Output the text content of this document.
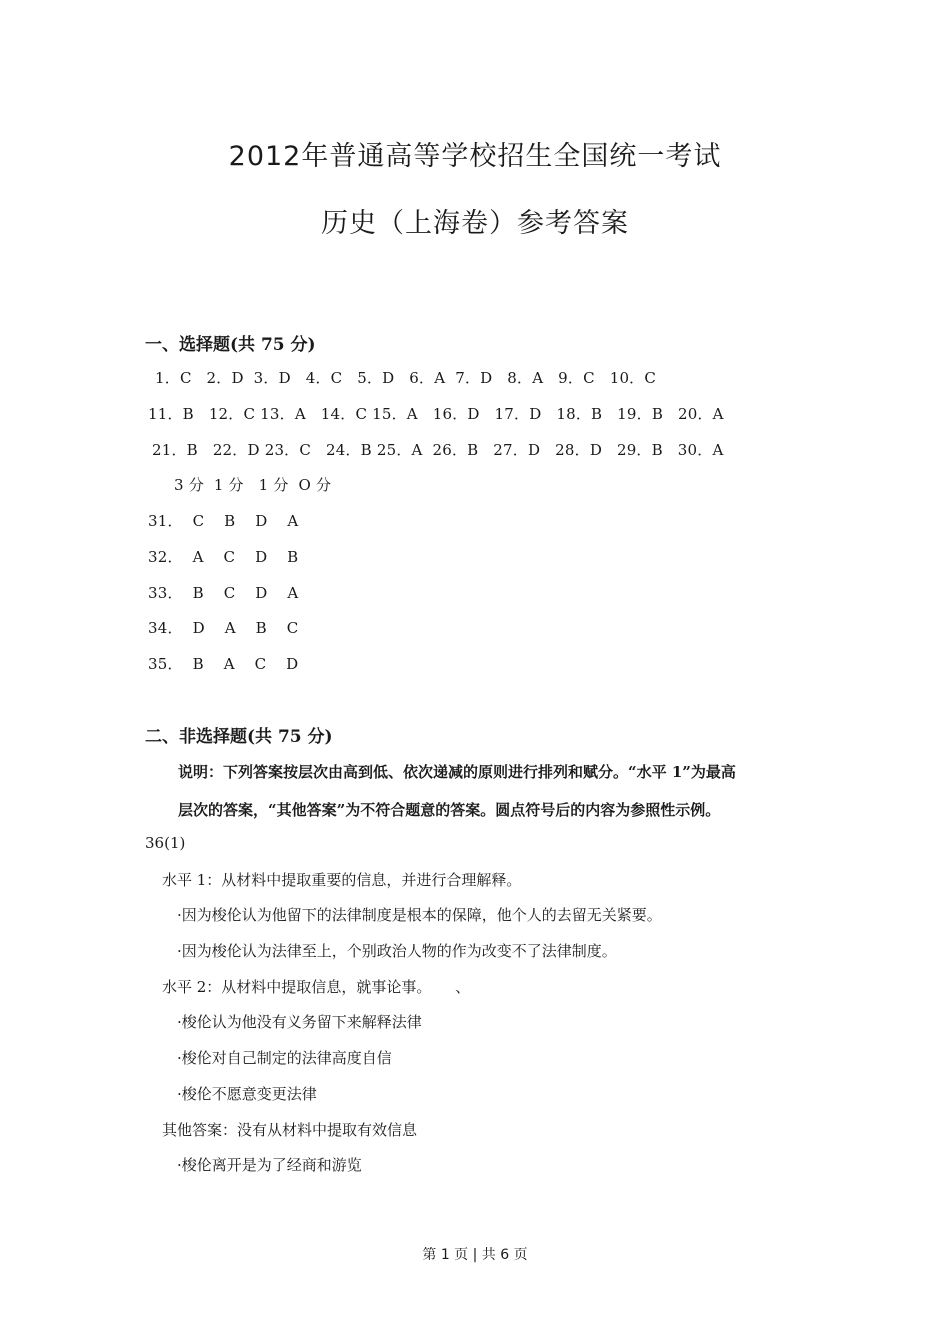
2012年普通高等学校招生全国统一考试
历史（上海卷）参考答案
一、选择题(共 75 分)
1．C   2．D  3．D   4．C   5．D   6．A  7．D   8．A   9．C   10．C
11．B   12．C 13．A   14．C 15．A   16．D   17．D   18．B   19．B   20．A
21．B   22．D 23．C   24．B 25．A  26．B   27．D   28．D   29．B   30．A
3 分  1 分   1 分  O 分
31．  C    B    D    A
32．  A    C    D    B
33．  B    C    D    A
34．  D    A    B    C
35．  B    A    C    D
二、非选择题(共 75 分)
说明：下列答案按层次由高到低、依次递减的原则进行排列和赋分。“水平 1”为最高
层次的答案，“其他答案”为不符合题意的答案。圆点符号后的内容为参照性示例。
36(1)
水平 1：从材料中提取重要的信息，并进行合理解释。
·因为梭伦认为他留下的法律制度是根本的保障，他个人的去留无关紧要。
·因为梭伦认为法律至上，个别政治人物的作为改变不了法律制度。
水平 2：从材料中提取信息，就事论事。     、
·梭伦认为他没有义务留下来解释法律
·梭伦对自己制定的法律高度自信
·梭伦不愿意变更法律
其他答案：没有从材料中提取有效信息
·梭伦离开是为了经商和游览
第 1 页 | 共 6 页
